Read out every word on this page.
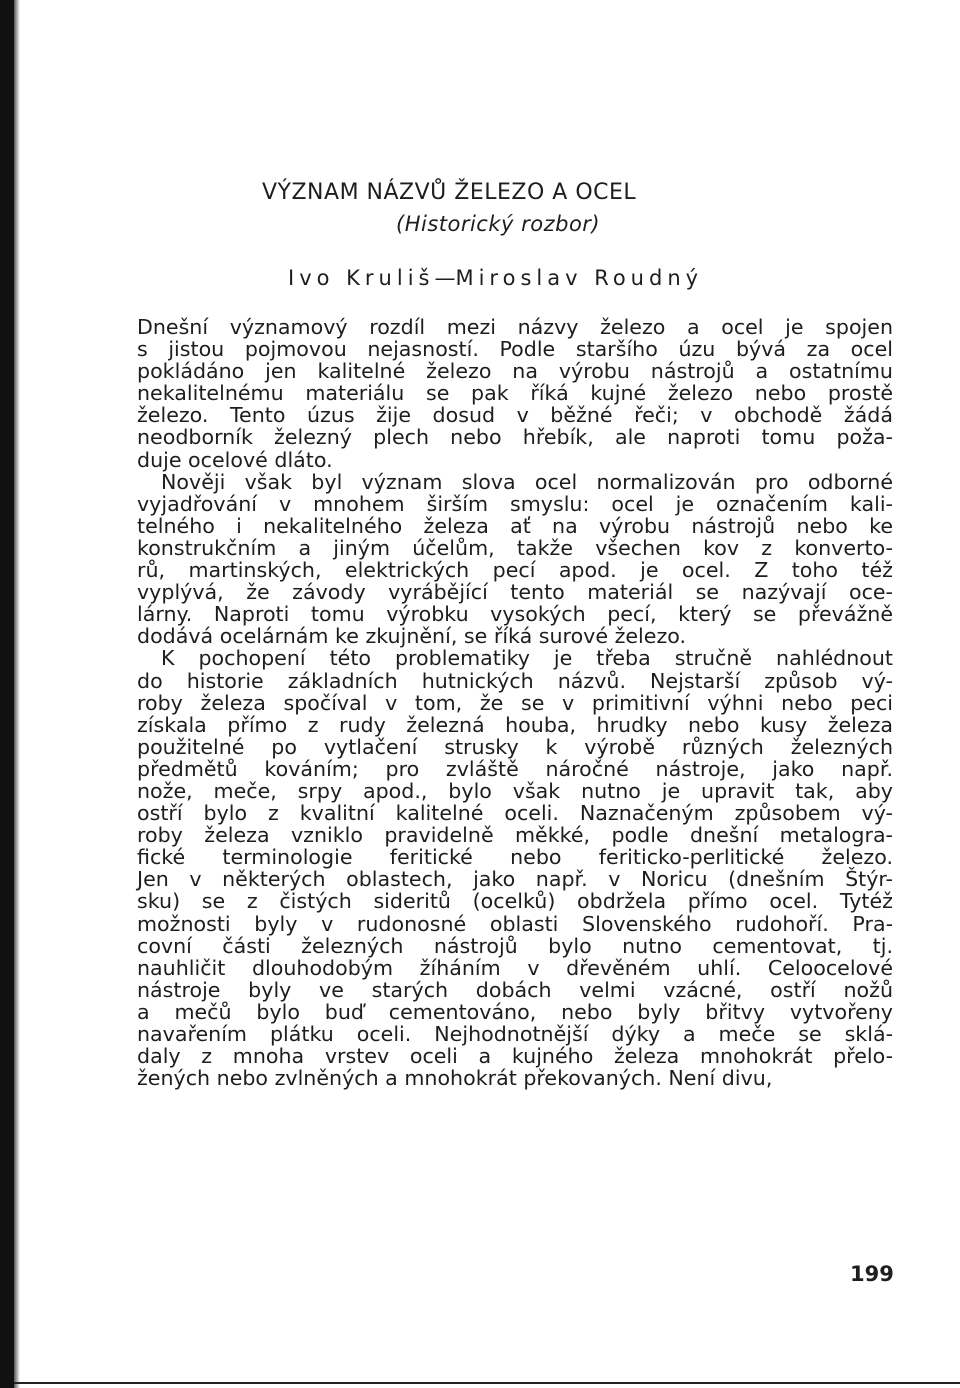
VÝZNAM NÁZVŮ ŽELEZO A OCEL
(Historický rozbor)
Ivo Kruliš—Miroslav Roudný

Dnešní významový rozdíl mezi názvy železo a ocel je spojen
s jistou pojmovou nejasností. Podle staršího úzu bývá za ocel
pokládáno jen kalitelné železo na výrobu nástrojů a ostatnímu
nekalitelnému materiálu se pak říká kujné železo nebo prostě
železo. Tento úzus žije dosud v běžné řeči; v obchodě žádá
neodborník železný plech nebo hřebík, ale naproti tomu poža-
duje ocelové dláto.

Nověji však byl význam slova ocel normalizován pro odborné
vyjadřování v mnohem širším smyslu: ocel je označením kali-
telného i nekalitelného železa ať na výrobu nástrojů nebo ke
konstrukčním a jiným účelům, takže všechen kov z konverto-
rů, martinských, elektrických pecí apod. je ocel. Z toho též
vyplývá, že závody vyrábějící tento materiál se nazývají oce-
lárny. Naproti tomu výrobku vysokých pecí, který se převážně
dodává ocelárnám ke zkujnění, se říká surové železo.

K pochopení této problematiky je třeba stručně nahlédnout
do historie základních hutnických názvů. Nejstarší způsob vý-
roby železa spočíval v tom, že se v primitivní výhni nebo peci
získala přímo z rudy železná houba, hrudky nebo kusy železa
použitelné po vytlačení strusky k výrobě různých železných
předmětů kováním; pro zvláště náročné nástroje, jako např.
nože, meče, srpy apod., bylo však nutno je upravit tak, aby
ostří bylo z kvalitní kalitelné oceli. Naznačeným způsobem vý-
roby železa vzniklo pravidelně měkké, podle dnešní metalogra-
fické terminologie feritické nebo feriticko-perlitické železo.
Jen v některých oblastech, jako např. v Noricu (dnešním Štýr-
sku) se z čistých sideritů (ocelků) obdržela přímo ocel. Tytéž
možnosti byly v rudonosné oblasti Slovenského rudohoří. Pra-
covní části železných nástrojů bylo nutno cementovat, tj.
nauhličit dlouhodobým žíháním v dřevěném uhlí. Celoocelové
nástroje byly ve starých dobách velmi vzácné, ostří nožů
a mečů bylo buď cementováno, nebo byly břitvy vytvořeny
navařením plátku oceli. Nejhodnotnější dýky a meče se sklá-
daly z mnoha vrstev oceli a kujného železa mnohokrát přelo-
žených nebo zvlněných a mnohokrát překovaných. Není divu,

199
